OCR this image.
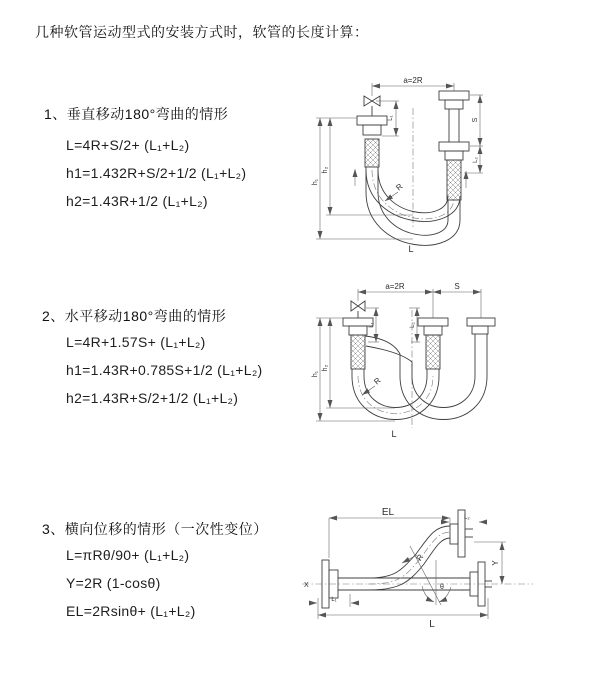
几种软管运动型式的安装方式时，软管的长度计算：
1、垂直移动180°弯曲的情形
L=4R+S/2+ (L₁+L₂)
h1=1.432R+S/2+1/2 (L₁+L₂)
h2=1.43R+1/2 (L₁+L₂)
a=2R
L₁	S
L₂
h₁
h₂
R
L
2、水平移动180°弯曲的情形
L=4R+1.57S+ (L₁+L₂)
h1=1.43R+0.785S+1/2 (L₁+L₂)
h2=1.43R+S/2+1/2 (L₁+L₂)
a=2R	S
L₁	L₂
h₁
h₂
R
L
3、横向位移的情形（一次性变位）
L=πRθ/90+ (L₁+L₂)
Y=2R (1-cosθ)
EL=2Rsinθ+ (L₁+L₂)
X
EL	L₂
Y
θ
R
L₁
L
